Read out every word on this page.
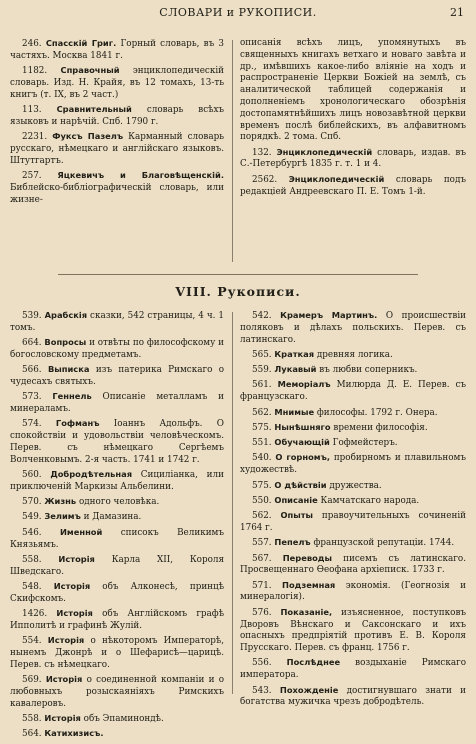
СЛОВАРИ и РУКОПИСИ.	21

246. Спасскій Григ. Горный словарь, въ 3 частяхъ. Москва 1841 г.

1182. Справочный энциклопедическій словарь. Изд. Н. Крайя, въ 12 томахъ, 13-ть книгъ (т. IX, въ 2 част.)

113. Сравнительный словарь всѣхъ языковъ и нарѣчій. Спб. 1790 г.

2231. Фуксъ Пазелъ Карманный словарь русскаго, нѣмецкаго и англійскаго языковъ. Штутгартъ.

257. Яцкевичъ и Благовѣщенскій. Библейско-библіографическій словарь, или жизне-

описанія всѣхъ лицъ, упомянутыхъ въ священныхъ книгахъ ветхаго и новаго завѣта и др., имѣвшихъ какое-либо вліяніе на ходъ и распространеніе Церкви Божіей на землѣ, съ аналитической таблицей содержанія и дополненіемъ хронологическаго обозрѣнія достопамятнѣйшихъ лицъ новозавѣтной церкви временъ послѣ библейскихъ, въ алфавитномъ порядкѣ. 2 тома. Спб.

132. Энциклопедическій словарь, издав. въ С.-Петербургѣ 1835 г. т. 1 и 4.

2562. Энциклопедическій словарь подъ редакціей Андреевскаго П. Е. Томъ 1-й.

VIII. Рукописи.

539. Арабскія сказки, 542 страницы, 4 ч. 1 томъ.

664. Вопросы и отвѣты по философскому и богословскому предметамъ.

566. Выписка изъ патерика Римскаго о чудесахъ святыхъ.

573. Геннель Описаніе металламъ и минераламъ.

574. Гофманъ Іоаннъ Адольфъ. О спокойствіи и удовольствіи человѣческомъ. Перев. съ нѣмецкаго Сергѣемъ Волченковымъ. 2-я часть. 1741 и 1742 г.

560. Добродѣтельная Сициліанка, или приключеній Маркизы Альбелини.

570. Жизнь одного человѣка.

549. Зелимъ и Дамазина.

546. Именной списокъ Великимъ Князьямъ.

558. Исторія Карла XII, Короля Шведскаго.

548. Исторія объ Алконесѣ, принцѣ Скифскомъ.

1426. Исторія объ Англійскомъ графѣ Ипполитѣ и графинѣ Жулій.

554. Исторія о нѣкоторомъ Императорѣ, нынемъ Джонрѣ и о Шефарисѣ—царицѣ. Перев. съ нѣмецкаго.

569. Исторія о соединенной компаніи и о любовныхъ розыскаяніяхъ Римскихъ кавалеровъ.

558. Исторія объ Эпаминондѣ.

564. Катихизисъ.

542. Крамеръ Мартинъ. О происшествіи поляковъ и дѣлахъ польскихъ. Перев. съ латинскаго.

565. Краткая древняя логика.

559. Лукавый въ любви соперникъ.

561. Меморіалъ Милюрда Д. Е. Перев. съ французскаго.

562. Мнимые философы. 1792 г. Онера.

575. Нынѣшняго времени философія.

551. Обучающій Гофмейстеръ.

540. О горномъ, пробирномъ и плавильномъ художествѣ.

575. О дѣйствіи дружества.

550. Описаніе Камчатскаго народа.

562. Опыты правоучительныхъ сочиненій 1764 г.

557. Пепелъ французской репутаціи. 1744.

567. Переводы писемъ съ латинскаго. Просвещеннаго Ѳеофана архіеписк. 1733 г.

571. Подземная экономія. (Геогнозія и минералогія).

576. Показаніе, изъясненное, поступковъ Дворовъ Вѣнскаго и Саксонскаго и ихъ опасныхъ предпріятій противъ Е. В. Короля Прусскаго. Перев. съ франц. 1756 г.

556. Послѣднее воздыханіе Римскаго императора.

543. Похожденіе достигнувшаго знати и богатства мужичка чрезъ добродѣтель.
